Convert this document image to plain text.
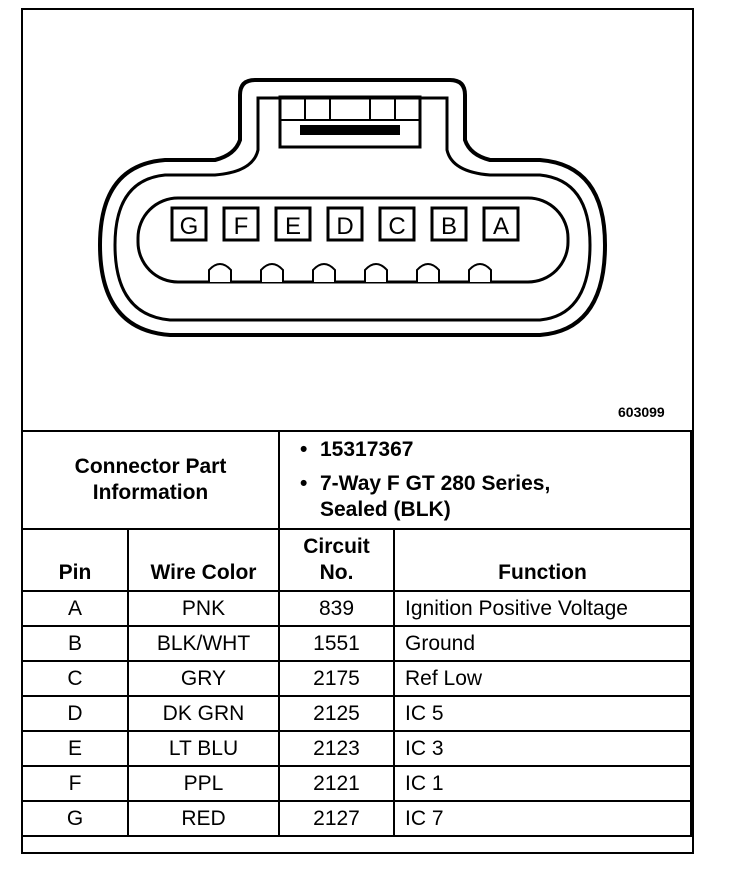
G F E D C B A
603099
Connector Part Information		• 15317367
• 7-Way F GT 280 Series, Sealed (BLK)	

Pin	Wire Color	Circuit No.	Function
A	PNK	839	Ignition Positive Voltage
B	BLK/WHT	1551	Ground
C	GRY	2175	Ref Low
D	DK GRN	2125	IC 5
E	LT BLU	2123	IC 3
F	PPL	2121	IC 1
G	RED	2127	IC 7
